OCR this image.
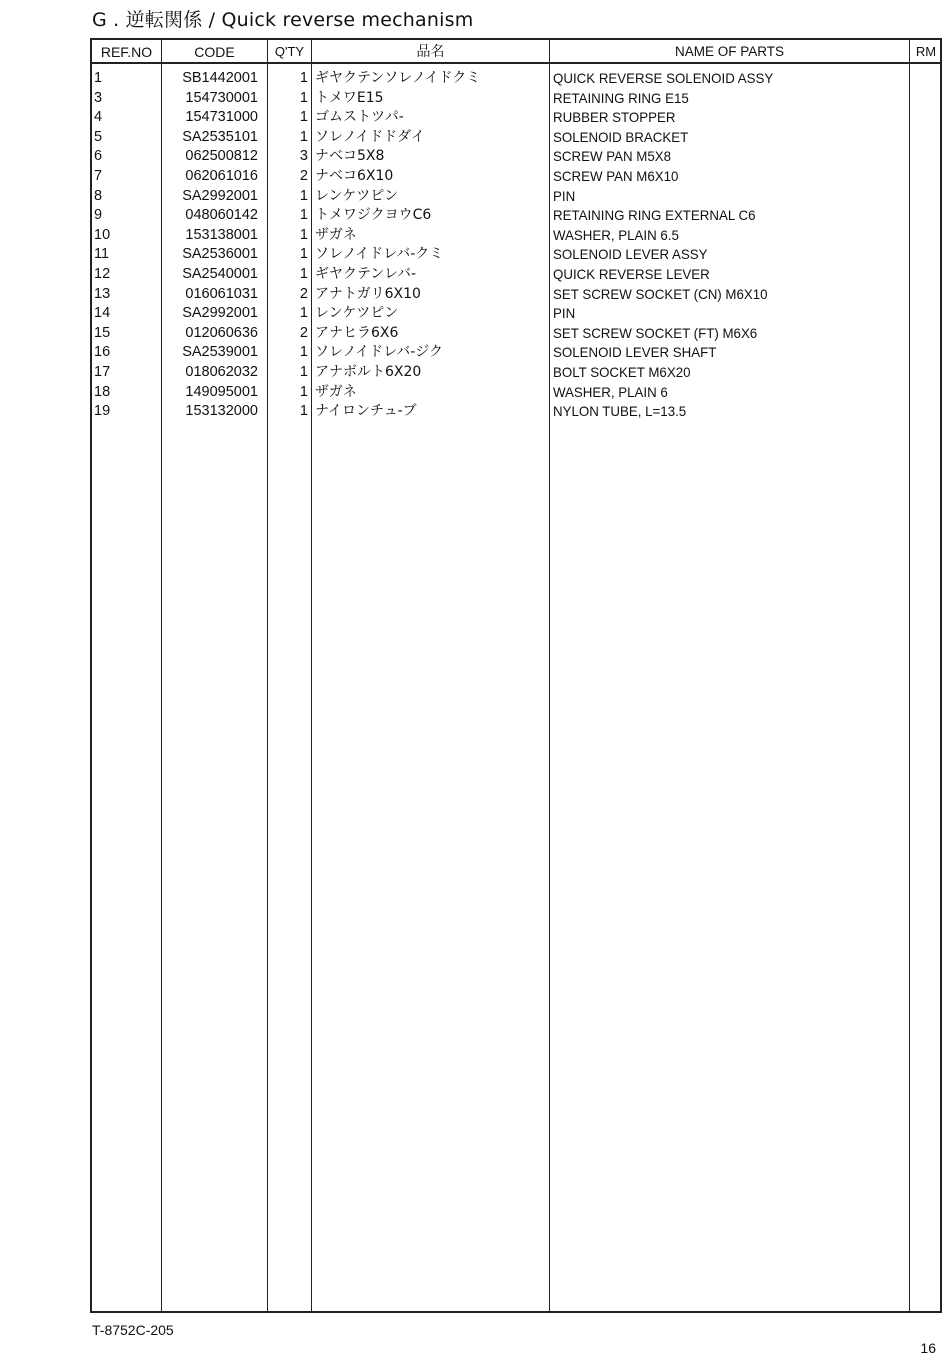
G . 逆転関係 / Quick reverse mechanism
REF.NO	CODE	Q'TY	品名	NAME OF PARTS	RM
1	SB1442001	1 ギヤクテンソレノイドクミ	QUICK REVERSE SOLENOID ASSY
3	154730001	1 トメワE15	RETAINING RING E15
4	154731000	1 ゴムストツパ-	RUBBER STOPPER
5	SA2535101	1 ソレノイドドダイ	SOLENOID BRACKET
6	062500812	3 ナベコ5X8	SCREW PAN M5X8
7	062061016	2 ナベコ6X10	SCREW PAN M6X10
8	SA2992001	1 レンケツピン	PIN
9	048060142	1 トメワジクヨウC6	RETAINING RING EXTERNAL C6
10	153138001	1 ザガネ	WASHER, PLAIN 6.5
11	SA2536001	1 ソレノイドレバ-クミ	SOLENOID LEVER ASSY
12	SA2540001	1 ギヤクテンレバ-	QUICK REVERSE LEVER
13	016061031	2 アナトガリ6X10	SET SCREW SOCKET (CN) M6X10
14	SA2992001	1 レンケツピン	PIN
15	012060636	2 アナヒラ6X6	SET SCREW SOCKET (FT) M6X6
16	SA2539001	1 ソレノイドレバ-ジク	SOLENOID LEVER SHAFT
17	018062032	1 アナボルト6X20	BOLT SOCKET M6X20
18	149095001	1 ザガネ	WASHER, PLAIN 6
19	153132000	1 ナイロンチュ-ブ	NYLON TUBE, L=13.5
T-8752C-205
16
